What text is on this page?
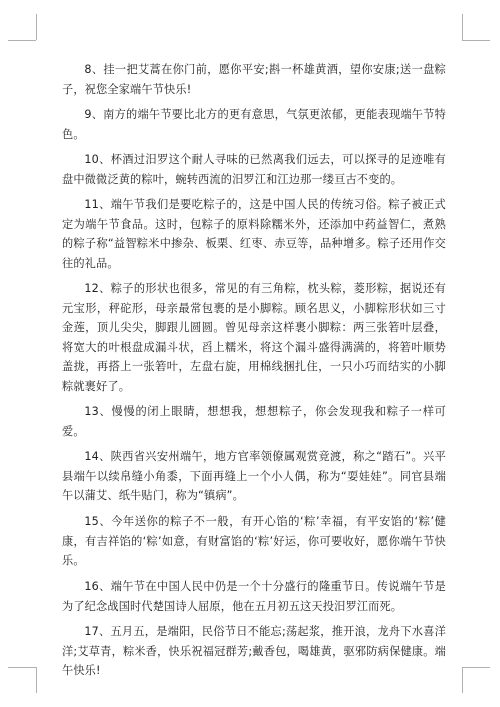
8、挂一把艾蒿在你门前，愿你平安;斟一杯雄黄酒，望你安康;送一盘粽子，祝您全家端午节快乐!

9、南方的端午节要比北方的更有意思，气氛更浓郁，更能表现端午节特色。

10、杯酒过汨罗这个耐人寻味的已然离我们远去，可以探寻的足迹唯有盘中微微泛黄的粽叶，蜿转西流的汨罗江和江边那一缕亘古不变的。

11、端午节我们是要吃粽子的，这是中国人民的传统习俗。粽子被正式定为端午节食品。这时，包粽子的原料除糯米外，还添加中药益智仁，煮熟的粽子称“益智粽米中掺杂、板栗、红枣、赤豆等，品种增多。粽子还用作交往的礼品。

12、粽子的形状也很多，常见的有三角粽，枕头粽，菱形粽，据说还有元宝形，秤砣形，母亲最常包裹的是小脚粽。顾名思义，小脚粽形状如三寸金莲，顶儿尖尖，脚跟儿圆圆。曾见母亲这样裹小脚粽：两三张箬叶层叠，将宽大的叶根盘成漏斗状，舀上糯米，将这个漏斗盛得满满的，将箬叶顺势盖拢，再搭上一张箬叶，左盘右旋，用棉线捆扎住，一只小巧而结实的小脚粽就裹好了。

13、慢慢的闭上眼睛，想想我，想想粽子，你会发现我和粽子一样可爱。

14、陕西省兴安州端午，地方官率领僚属观赏竞渡，称之“踏石”。兴平县端午以续帛缝小角黍，下面再缝上一个小人偶，称为“耍娃娃”。同官县端午以蒲艾、纸牛贴门，称为“镇病”。

15、今年送你的粽子不一般，有开心馅的‘粽’幸福，有平安馅的‘粽’健康，有吉祥馅的‘粽’如意，有财富馅的‘粽’好运，你可要收好，愿你端午节快乐。

16、端午节在中国人民中仍是一个十分盛行的隆重节日。传说端午节是为了纪念战国时代楚国诗人屈原，他在五月初五这天投汨罗江而死。

17、五月五，是端阳，民俗节日不能忘;荡起浆，推开浪，龙舟下水喜洋洋;艾草青，粽米香，快乐祝福冠群芳;戴香包，喝雄黄，驱邪防病保健康。端午快乐!
